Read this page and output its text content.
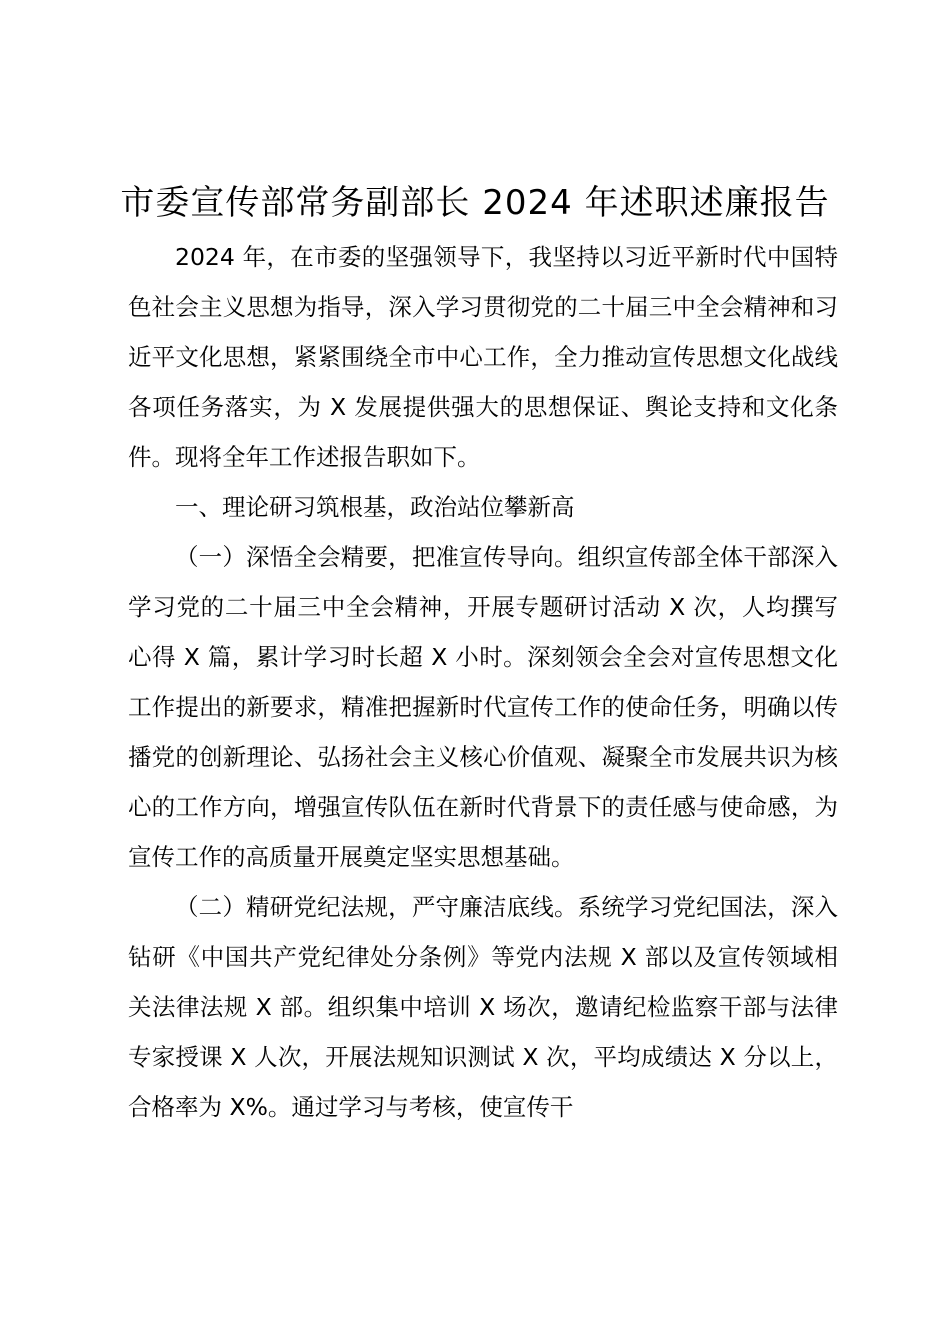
市委宣传部常务副部长 2024 年述职述廉报告

2024 年，在市委的坚强领导下，我坚持以习近平新时代中国特色社会主义思想为指导，深入学习贯彻党的二十届三中全会精神和习近平文化思想，紧紧围绕全市中心工作，全力推动宣传思想文化战线各项任务落实，为 X 发展提供强大的思想保证、舆论支持和文化条件。现将全年工作述报告职如下。

一、理论研习筑根基，政治站位攀新高

（一）深悟全会精要，把准宣传导向。组织宣传部全体干部深入学习党的二十届三中全会精神，开展专题研讨活动 X 次，人均撰写心得 X 篇，累计学习时长超 X 小时。深刻领会全会对宣传思想文化工作提出的新要求，精准把握新时代宣传工作的使命任务，明确以传播党的创新理论、弘扬社会主义核心价值观、凝聚全市发展共识为核心的工作方向，增强宣传队伍在新时代背景下的责任感与使命感，为宣传工作的高质量开展奠定坚实思想基础。

（二）精研党纪法规，严守廉洁底线。系统学习党纪国法，深入钻研《中国共产党纪律处分条例》等党内法规 X 部以及宣传领域相关法律法规 X 部。组织集中培训 X 场次，邀请纪检监察干部与法律专家授课 X 人次，开展法规知识测试 X 次，平均成绩达 X 分以上，合格率为 X%。通过学习与考核，使宣传干
